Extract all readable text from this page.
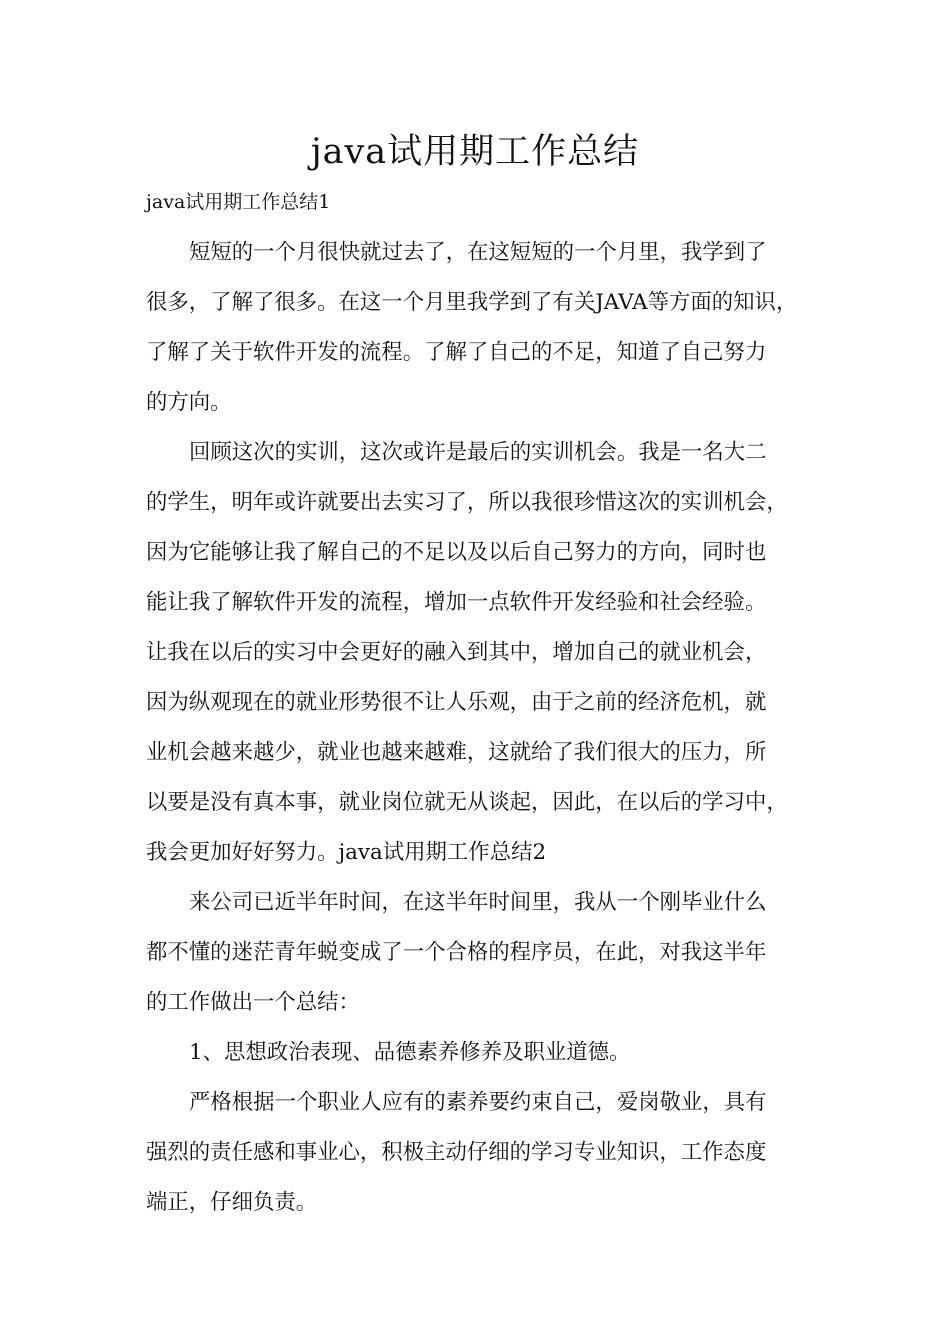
java试用期工作总结
java试用期工作总结1
短短的一个月很快就过去了，在这短短的一个月里，我学到了
很多，了解了很多。在这一个月里我学到了有关JAVA等方面的知识，
了解了关于软件开发的流程。了解了自己的不足，知道了自己努力
的方向。
回顾这次的实训，这次或许是最后的实训机会。我是一名大二
的学生，明年或许就要出去实习了，所以我很珍惜这次的实训机会，
因为它能够让我了解自己的不足以及以后自己努力的方向，同时也
能让我了解软件开发的流程，增加一点软件开发经验和社会经验。
让我在以后的实习中会更好的融入到其中，增加自己的就业机会，
因为纵观现在的就业形势很不让人乐观，由于之前的经济危机，就
业机会越来越少，就业也越来越难，这就给了我们很大的压力，所
以要是没有真本事，就业岗位就无从谈起，因此，在以后的学习中，
我会更加好好努力。java试用期工作总结2
来公司已近半年时间，在这半年时间里，我从一个刚毕业什么
都不懂的迷茫青年蜕变成了一个合格的程序员，在此，对我这半年
的工作做出一个总结：
1、思想政治表现、品德素养修养及职业道德。
严格根据一个职业人应有的素养要约束自己，爱岗敬业，具有
强烈的责任感和事业心，积极主动仔细的学习专业知识，工作态度
端正，仔细负责。
